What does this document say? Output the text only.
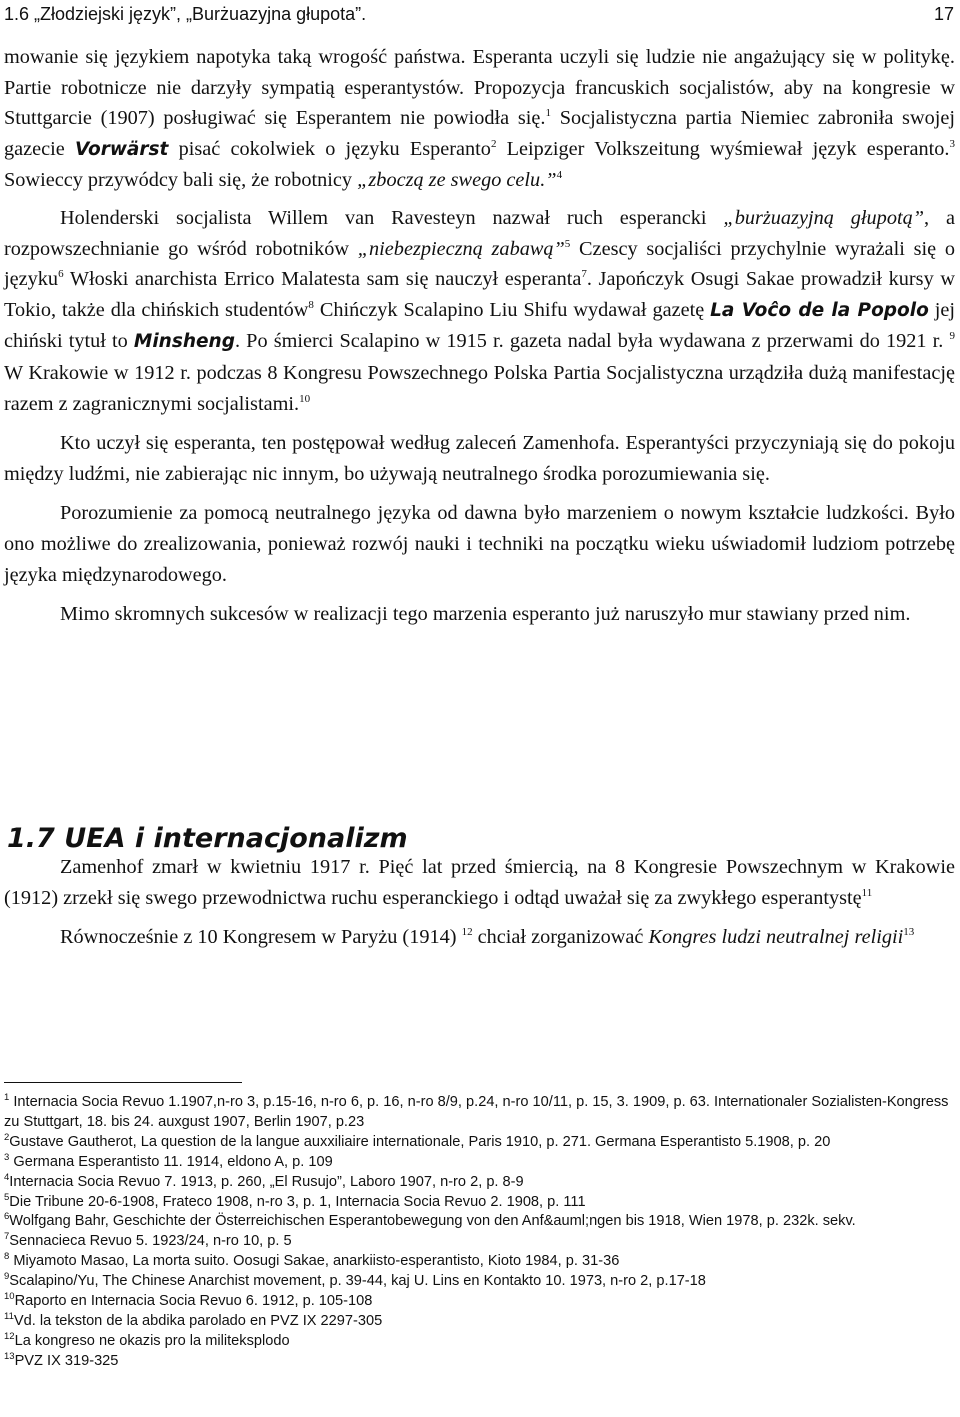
1.6 „Złodziejski język”, „Burżuazyjna głupota”.	17

mowanie się językiem napotyka taką wrogość państwa. Esperanta uczyli się ludzie nie angażujący się w politykę. Partie robotnicze nie darzyły sympatią esperantystów. Propozycja francuskich socjalistów, aby na kongresie w Stuttgarcie (1907) posługiwać się Esperantem nie powiodła się.$^1$ Socjalistyczna partia Niemiec zabroniła swojej gazecie Vorwärst pisać cokolwiek o języku Esperanto$^2$ Leipziger Volkszeitung wyśmiewał język esperanto.$^3$ Sowieccy przywódcy bali się, że robotnicy „zboczą ze swego celu.”$^4$

Holenderski socjalista Willem van Ravesteyn nazwał ruch esperancki „burżuazyjną głupotą”, a rozpowszechnianie go wśród robotników „niebezpieczną zabawą”$^5$ Czescy socjaliści przychylnie wyrażali się o języku$^6$ Włoski anarchista Errico Malatesta sam się nauczył esperanta$^7$. Japończyk Osugi Sakae prowadził kursy w Tokio, także dla chińskich studentów$^8$ Chińczyk Scalapino Liu Shifu wydawał gazetę La Voĉo de la Popolo jej chiński tytuł to Minsheng. Po śmierci Scalapino w 1915 r. gazeta nadal była wydawana z przerwami do 1921 r. $^9$ W Krakowie w 1912 r. podczas 8 Kongresu Powszechnego Polska Partia Socjalistyczna urządziła dużą manifestację razem z zagranicznymi socjalistami.$^{10}$

Kto uczył się esperanta, ten postępował według zaleceń Zamenhofa. Esperantyści przyczyniają się do pokoju między ludźmi, nie zabierając nic innym, bo używają neutralnego środka porozumiewania się.

Porozumienie za pomocą neutralnego języka od dawna było marzeniem o nowym kształcie ludzkości. Było ono możliwe do zrealizowania, ponieważ rozwój nauki i techniki na początku wieku uświadomił ludziom potrzebę języka międzynarodowego.

Mimo skromnych sukcesów w realizacji tego marzenia esperanto już naruszyło mur stawiany przed nim.

1.7 UEA i internacjonalizm

Zamenhof zmarł w kwietniu 1917 r. Pięć lat przed śmiercią, na 8 Kongresie Powszechnym w Krakowie (1912) zrzekł się swego przewodnictwa ruchu esperanckiego i odtąd uważał się za zwykłego esperantystę$^{11}$

Równocześnie z 10 Kongresem w Paryżu (1914) $^{12}$ chciał zorganizować Kongres ludzi neutralnej religii$^{13}$

$^1$ Internacia Socia Revuo 1.1907,n-ro 3, p.15-16, n-ro 6, p. 16, n-ro 8/9, p.24, n-ro 10/11, p. 15, 3. 1909, p. 63. Internationaler Sozialisten-Kongress zu Stuttgart, 18. bis 24. auxgust 1907, Berlin 1907, p.23

$^2$Gustave Gautherot, La question de la langue auxxiliaire internationale, Paris 1910, p. 271. Germana Esperantisto 5.1908, p. 20

$^3$ Germana Esperantisto 11. 1914, eldono A, p. 109

$^4$Internacia Socia Revuo 7. 1913, p. 260, „El Rusujo”, Laboro 1907, n-ro 2, p. 8-9

$^5$Die Tribune 20-6-1908, Frateco 1908, n-ro 3, p. 1, Internacia Socia Revuo 2. 1908, p. 111

$^6$Wolfgang Bahr, Geschichte der Österreichischen Esperantobewegung von den Anf&auml;ngen bis 1918, Wien 1978, p. 232k. sekv.

$^7$Sennacieca Revuo 5. 1923/24, n-ro 10, p. 5

$^8$ Miyamoto Masao, La morta suito. Oosugi Sakae, anarkiisto-esperantisto, Kioto 1984, p. 31-36

$^9$Scalapino/Yu, The Chinese Anarchist movement, p. 39-44, kaj U. Lins en Kontakto 10. 1973, n-ro 2, p.17-18

$^{10}$Raporto en Internacia Socia Revuo 6. 1912, p. 105-108

$^{11}$Vd. la tekston de la abdika parolado en PVZ IX 2297-305

$^{12}$La kongreso ne okazis pro la militeksplodo

$^{13}$PVZ IX 319-325
